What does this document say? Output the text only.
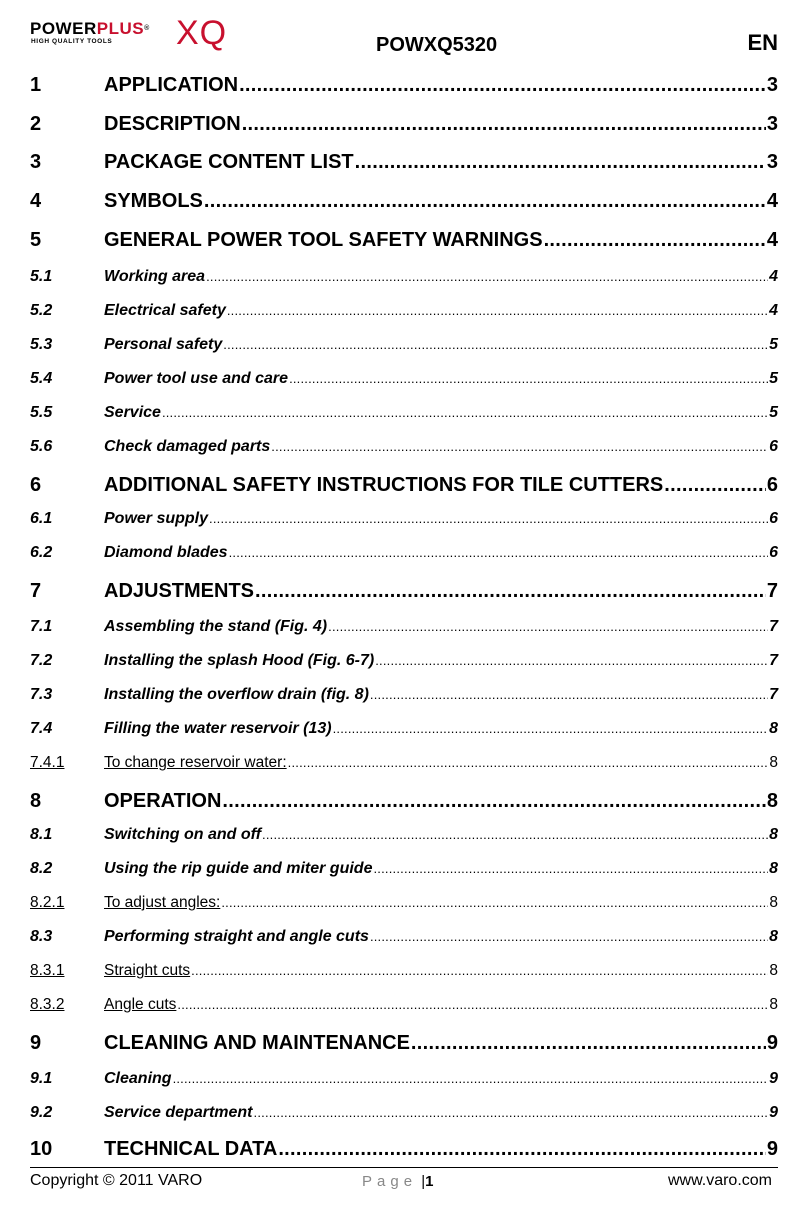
POWERPLUS®
HIGH QUALITY TOOLS XQ	POWXQ5320	EN
1	APPLICATION .....	3
2	DESCRIPTION .....	3
3	PACKAGE CONTENT LIST .....	3
4	SYMBOLS .....	4
5	GENERAL POWER TOOL SAFETY WARNINGS .....	4
5.1	Working area .....	4
5.2	Electrical safety .....	4
5.3	Personal safety .....	5
5.4	Power tool use and care .....	5
5.5	Service .....	5
5.6	Check damaged parts .....	6
6	ADDITIONAL SAFETY INSTRUCTIONS FOR TILE CUTTERS .....	6
6.1	Power supply .....	6
6.2	Diamond blades .....	6
7	ADJUSTMENTS .....	7
7.1	Assembling the stand (Fig. 4) .....	7
7.2	Installing the splash Hood (Fig. 6-7) .....	7
7.3	Installing the overflow drain (fig. 8) .....	7
7.4	Filling the water reservoir (13) .....	8
7.4.1	To change reservoir water: .....	8
8	OPERATION .....	8
8.1	Switching on and off .....	8
8.2	Using the rip guide and miter guide .....	8
8.2.1	To adjust angles: .....	8
8.3	Performing straight and angle cuts .....	8
8.3.1	Straight cuts .....	8
8.3.2	Angle cuts .....	8
9	CLEANING AND MAINTENANCE .....	9
9.1	Cleaning .....	9
9.2	Service department .....	9
10	TECHNICAL DATA .....	9
Copyright © 2011 VARO	Page |1	www.varo.com
